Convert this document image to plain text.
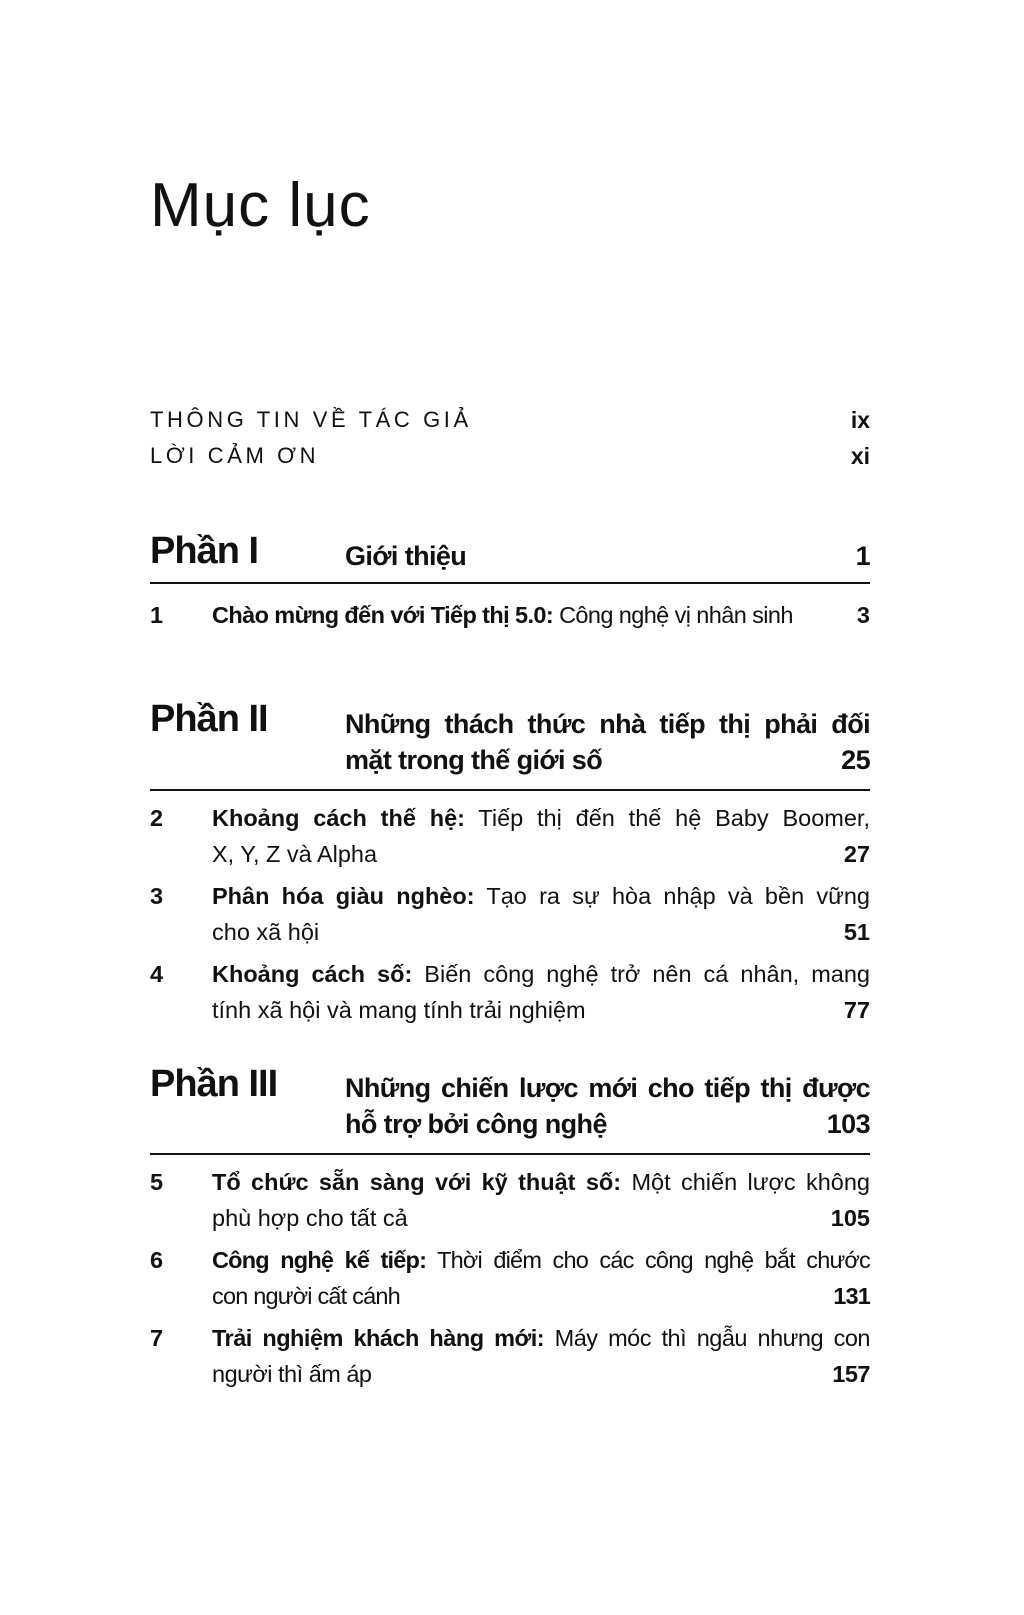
Mục lục
THÔNG TIN VỀ TÁC GIẢ	ix
LỜI CẢM ƠN	xi
Phần I	Giới thiệu	1
1 Chào mừng đến với Tiếp thị 5.0: Công nghệ vị nhân sinh	3
Phần II	Những thách thức nhà tiếp thị phải đối
mặt trong thế giới số	25
2 Khoảng cách thế hệ: Tiếp thị đến thế hệ Baby Boomer,
X, Y, Z và Alpha	27
3 Phân hóa giàu nghèo: Tạo ra sự hòa nhập và bền vững
cho xã hội	51
4 Khoảng cách số: Biến công nghệ trở nên cá nhân, mang
tính xã hội và mang tính trải nghiệm	77
Phần III	Những chiến lược mới cho tiếp thị được
hỗ trợ bởi công nghệ	103
5 Tổ chức sẵn sàng với kỹ thuật số: Một chiến lược không
phù hợp cho tất cả	105
6 Công nghệ kế tiếp: Thời điểm cho các công nghệ bắt chước
con người cất cánh	131
7 Trải nghiệm khách hàng mới: Máy móc thì ngẫu nhưng con
người thì ấm áp	157
